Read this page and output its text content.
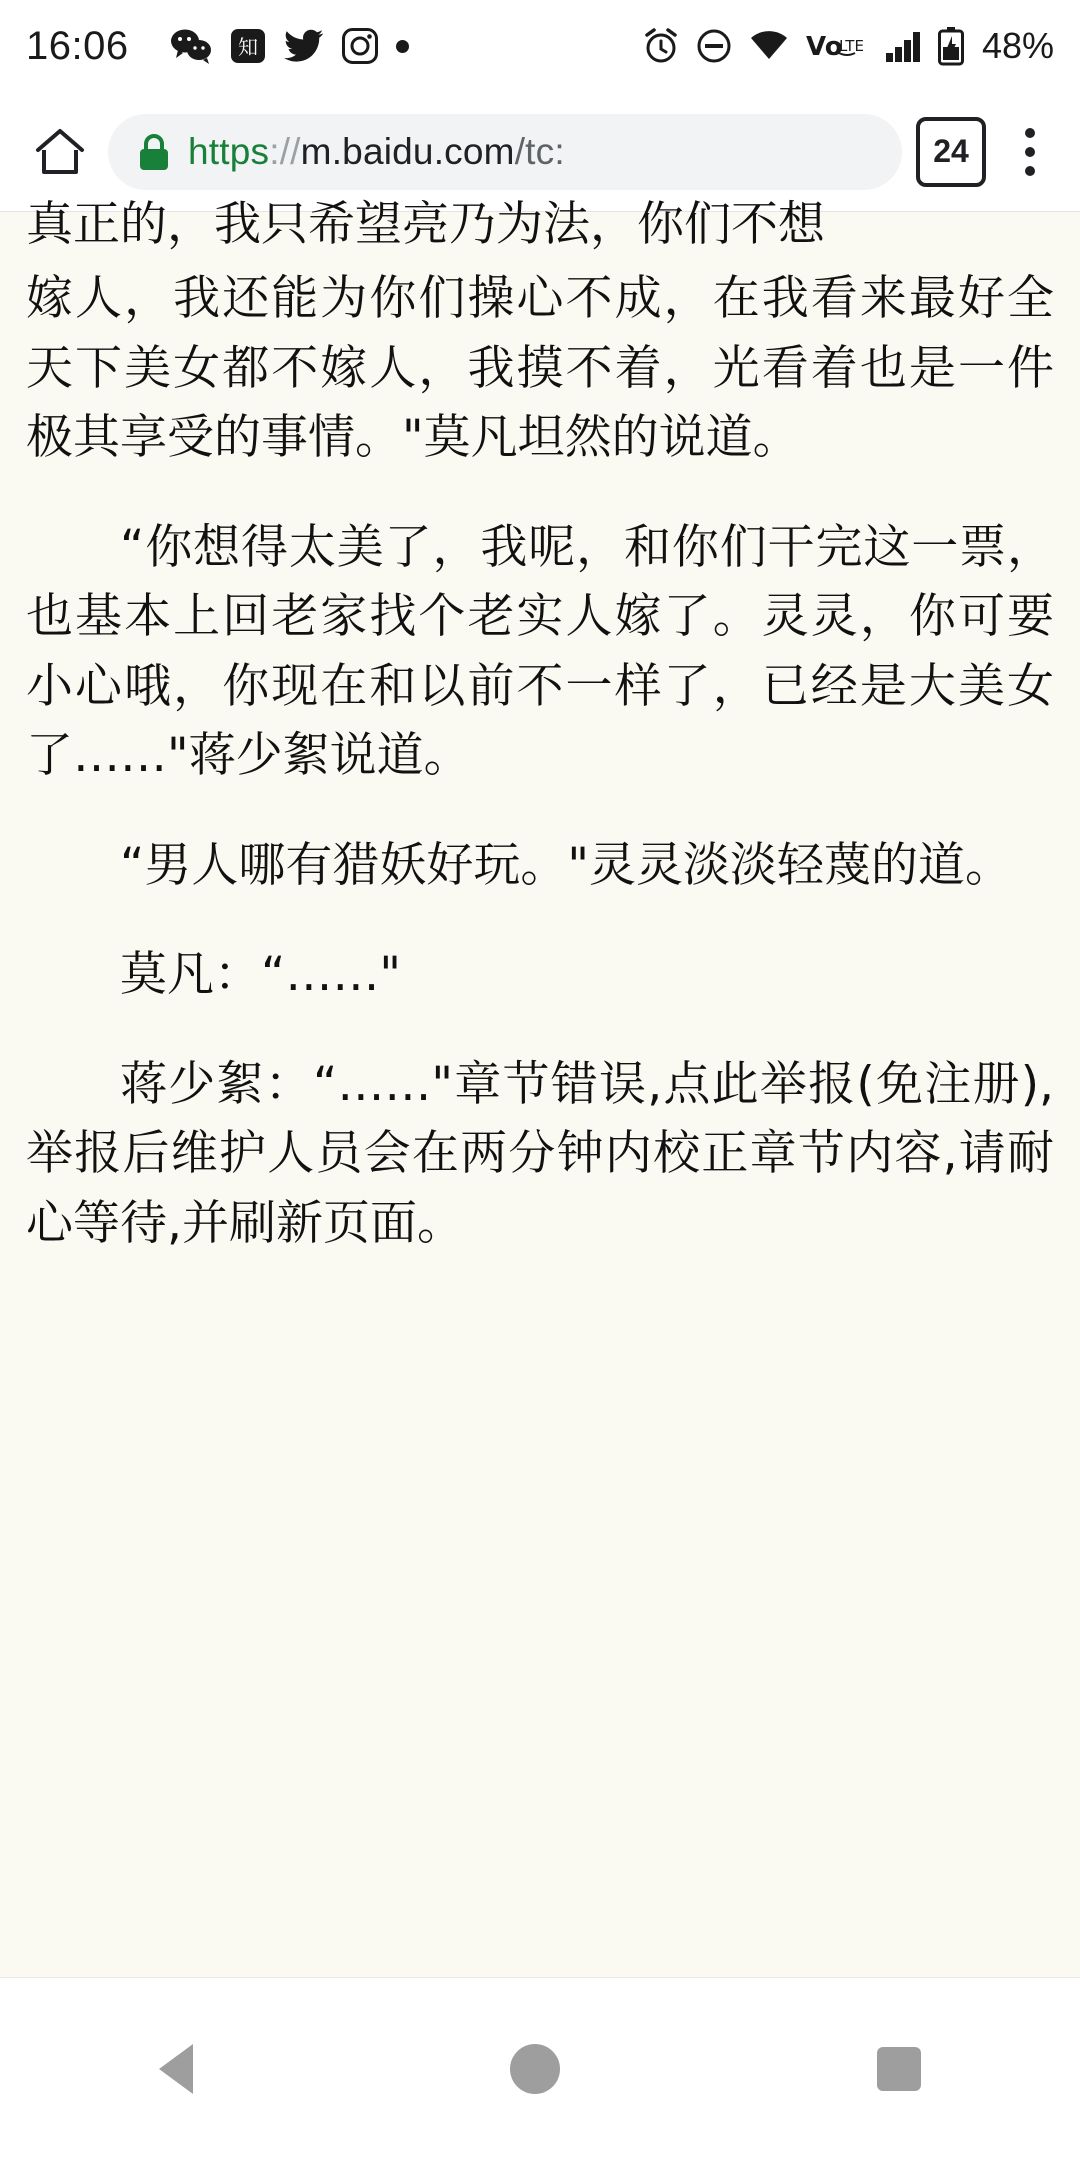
16:06	知	Vo
LTE	48%
https://m.baidu.com/tc:	24

真正的，我只希望亮乃为法，你们不想

嫁人，我还能为你们操心不成，在我看来最好全天下美女都不嫁人，我摸不着，光看着也是一件极其享受的事情。"莫凡坦然的说道。

“你想得太美了，我呢，和你们干完这一票，也基本上回老家找个老实人嫁了。灵灵，你可要小心哦，你现在和以前不一样了，已经是大美女了……"蒋少絮说道。

“男人哪有猎妖好玩。"灵灵淡淡轻蔑的道。

莫凡：“……"

蒋少絮：“……"章节错误,点此举报(免注册),举报后维护人员会在两分钟内校正章节内容,请耐心等待,并刷新页面。
